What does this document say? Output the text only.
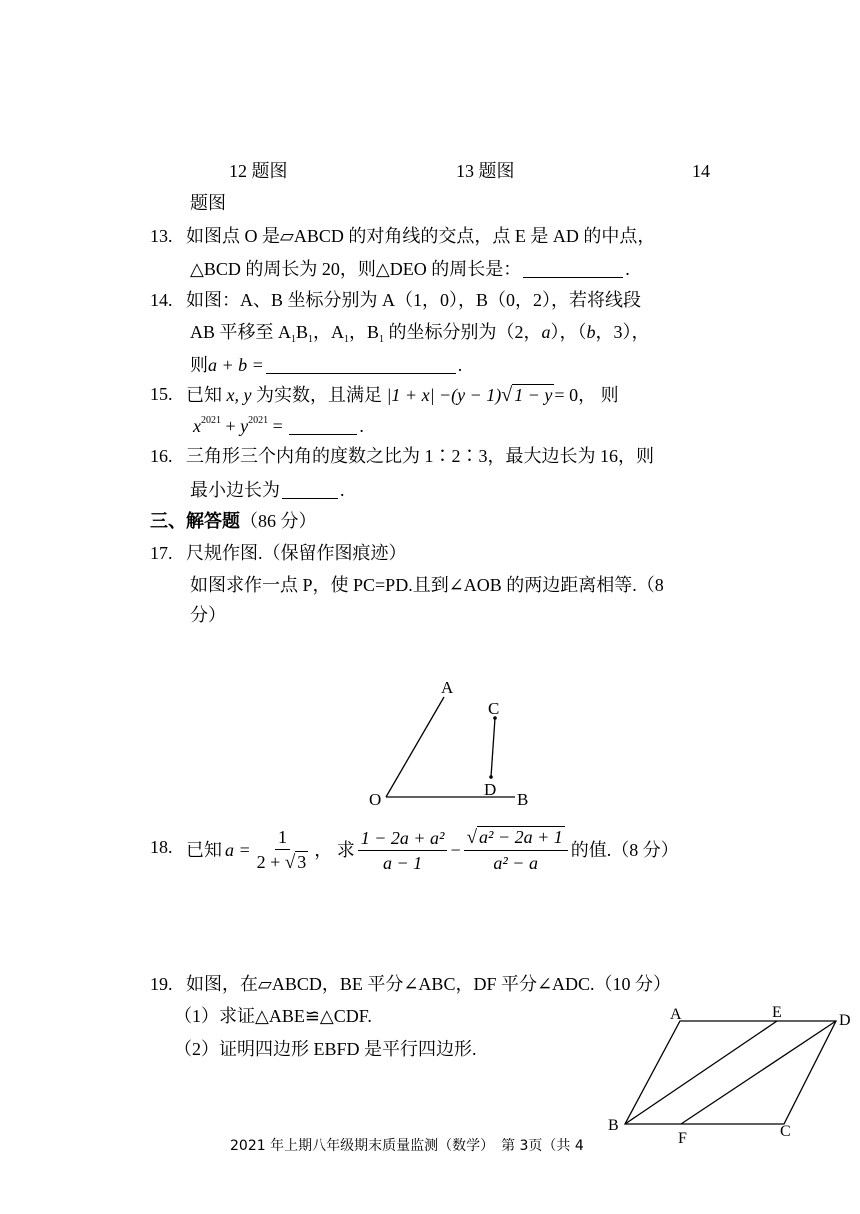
12 题图	13 题图	14
题图
13. 如图点 O 是▱ABCD 的对角线的交点，点 E 是 AD 的中点，
△BCD 的周长为 20，则△DEO 的周长是：	.
14. 如图：A、B 坐标分别为 A（1，0），B（0，2），若将线段
AB 平移至 $A_1B_1$，$A_1$，$B_1$ 的坐标分别为（2，a），（b，3），
则a + b =	.
15. 已知 x, y 为实数，且满足 |1 + x| −(y − 1)√ 1 − y = 0， 则
$x^{2021} + y^{2021}$ =	.
16. 三角形三个内角的度数之比为 1∶2∶3，最大边长为 16，则
最小边长为	.
三、解答题（86 分）
17. 尺规作图.（保留作图痕迹）
如图求作一点 P，使 PC=PD.且到∠AOB 的两边距离相等.（8
分）
A
C
D
O	B
18. 已知 $a = \frac{1}{2 + √ 3}$ ， 求 $\frac{\text{1 − 2a + a²}}{a - 1} - \frac{\text{√ a² − 2a + 1}}{\text{a² − a}}$ 的值.（8 分）
19. 如图，在▱ABCD，BE 平分∠ABC，DF 平分∠ADC.（10 分）
（1）求证△ABE≌△CDF.
（2）证明四边形 EBFD 是平行四边形.
A	E	D
B
F	C
2021 年上期八年级期末质量监测（数学）　第 3页（共 4
